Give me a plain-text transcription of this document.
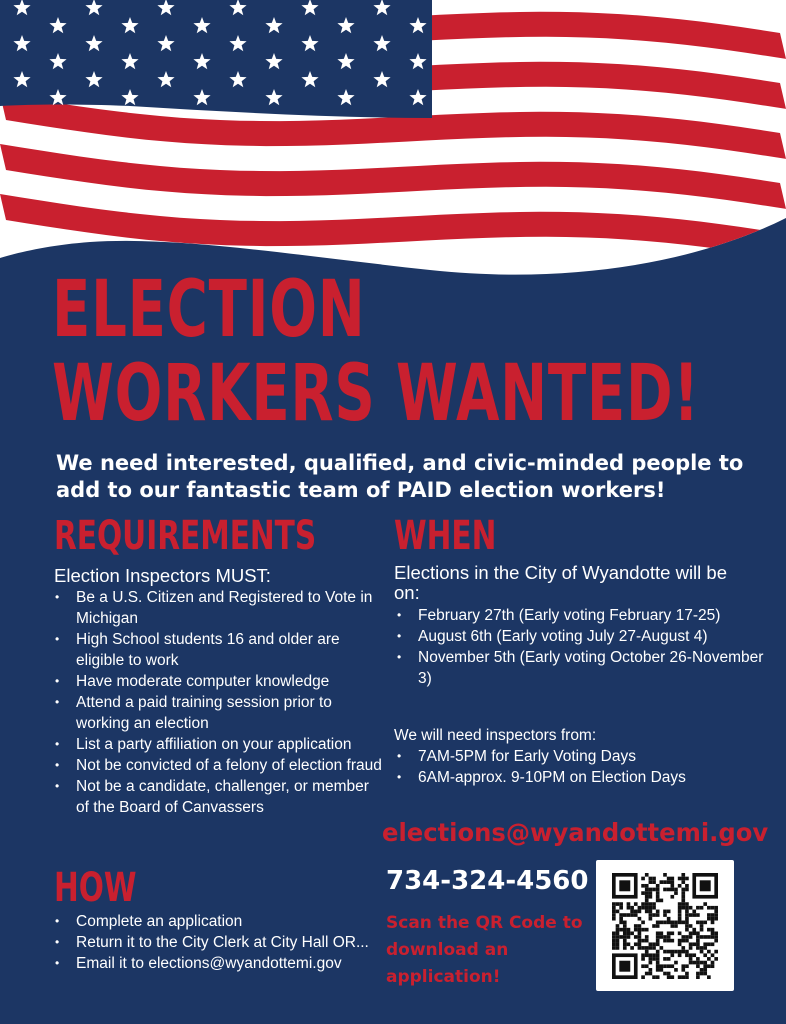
ELECTION
WORKERS WANTED!

We need interested, qualified, and civic-minded people to add to our fantastic team of PAID election workers!

REQUIREMENTS
Election Inspectors MUST:
• Be a U.S. Citizen and Registered to Vote in Michigan
• High School students 16 and older are eligible to work
• Have moderate computer knowledge
• Attend a paid training session prior to working an election
• List a party affiliation on your application
• Not be convicted of a felony of election fraud
• Not be a candidate, challenger, or member of the Board of Canvassers
HOW
• Complete an application
• Return it to the City Clerk at City Hall OR...
• Email it to elections@wyandottemi.gov
WHEN
Elections in the City of Wyandotte will be on:
• February 27th (Early voting February 17-25)
• August 6th (Early voting July 27-August 4)
• November 5th (Early voting October 26-November 3)

We will need inspectors from:

• 7AM-5PM for Early Voting Days
• 6AM-approx. 9-10PM on Election Days

elections@wyandottemi.gov

734-324-4560

Scan the QR Code to download an application!
